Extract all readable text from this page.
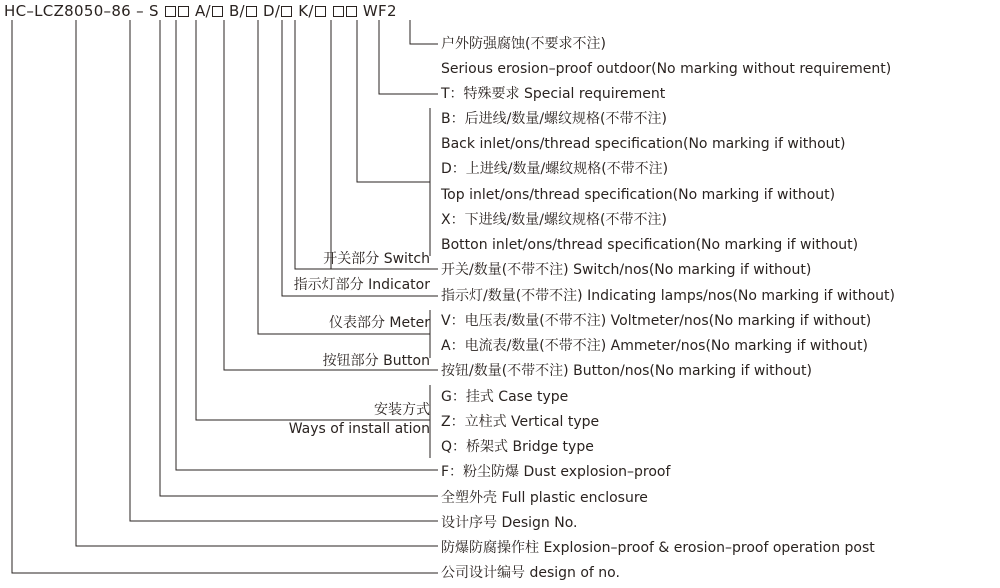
HC–LCZ8050–86 – S A/ B/ D/ K/	WF2
户外防强腐蚀(不要求不注)
Serious erosion–proof outdoor(No marking without requirement)
T：特殊要求 Special requirement
B：后进线/数量/螺纹规格(不带不注)
Back inlet/ons/thread specification(No marking if without)
D：上进线/数量/螺纹规格(不带不注)
Top inlet/ons/thread specification(No marking if without)
X：下进线/数量/螺纹规格(不带不注)
Botton inlet/ons/thread specification(No marking if without)
开关/数量(不带不注) Switch/nos(No marking if without)
指示灯/数量(不带不注) Indicating lamps/nos(No marking if without)
V：电压表/数量(不带不注) Voltmeter/nos(No marking if without)
A：电流表/数量(不带不注) Ammeter/nos(No marking if without)
按钮/数量(不带不注) Button/nos(No marking if without)
G：挂式 Case type
Z：立柱式 Vertical type
Q：桥架式 Bridge type
F：粉尘防爆 Dust explosion–proof
全塑外壳 Full plastic enclosure
设计序号 Design No.
防爆防腐操作柱 Explosion–proof & erosion–proof operation post
公司设计编号 design of no.
开关部分 Switch
指示灯部分 Indicator
仪表部分 Meter
按钮部分 Button
安装方式
Ways of install ation
